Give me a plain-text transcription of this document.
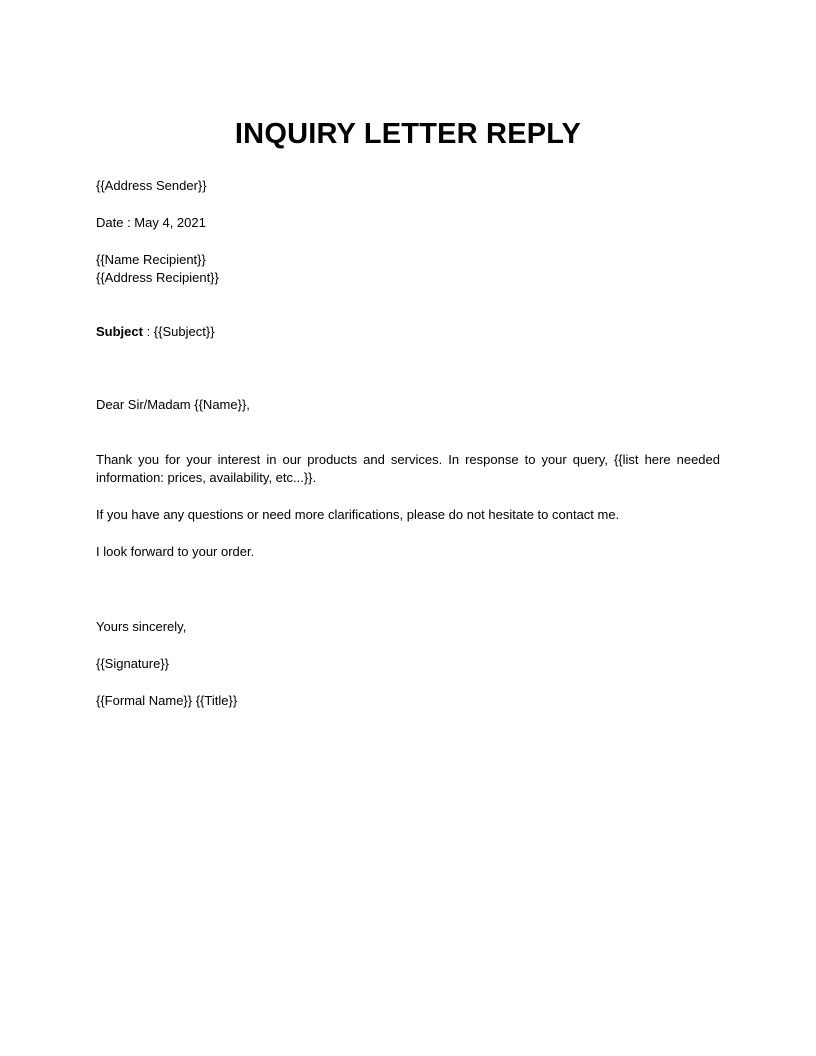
INQUIRY LETTER REPLY
{{Address Sender}}
Date : May 4, 2021
{{Name Recipient}}
{{Address Recipient}}
Subject : {{Subject}}
Dear Sir/Madam {{Name}},
Thank you for your interest in our products and services. In response to your query, {{list here needed information: prices, availability, etc...}}.
If you have any questions or need more clarifications, please do not hesitate to contact me.
I look forward to your order.
Yours sincerely,
{{Signature}}
{{Formal Name}} {{Title}}
